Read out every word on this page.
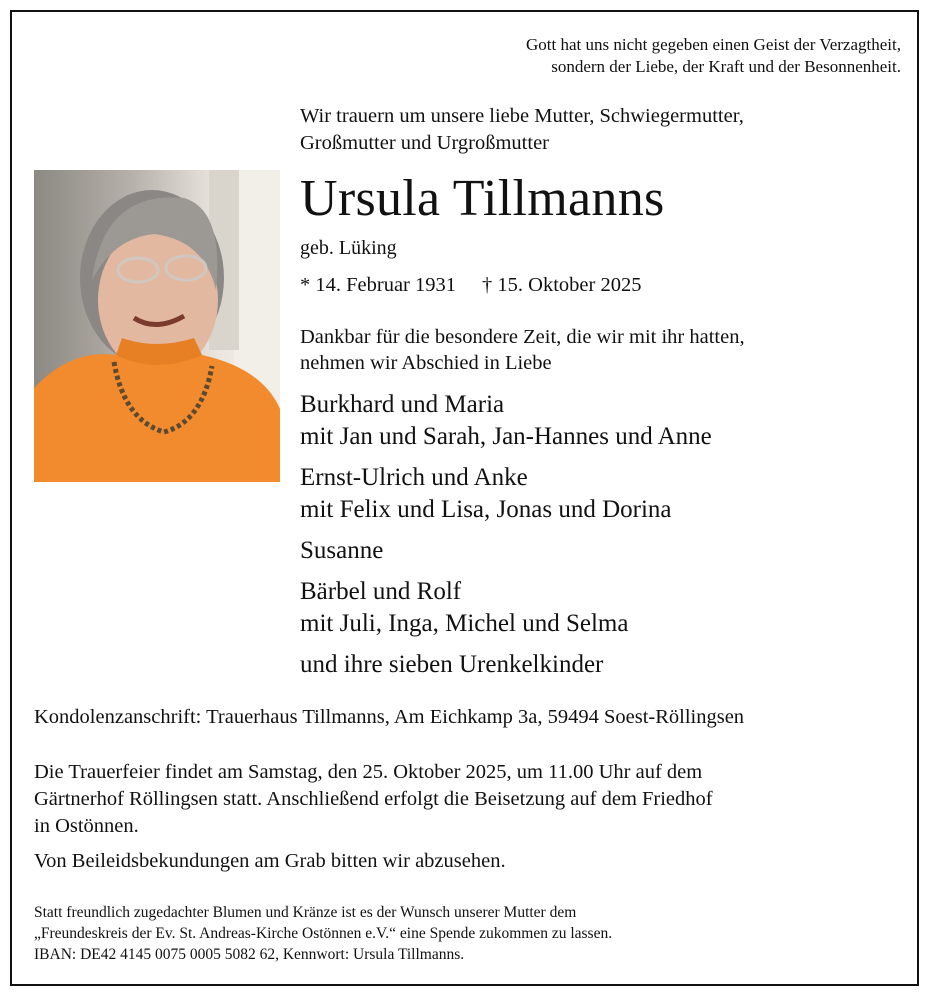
Gott hat uns nicht gegeben einen Geist der Verzagtheit,
sondern der Liebe, der Kraft und der Besonnenheit.
Wir trauern um unsere liebe Mutter, Schwiegermutter,
Großmutter und Urgroßmutter
Ursula Tillmanns
geb. Lüking
* 14. Februar 1931 † 15. Oktober 2025
Dankbar für die besondere Zeit, die wir mit ihr hatten,
nehmen wir Abschied in Liebe
Burkhard und Maria
mit Jan und Sarah, Jan-Hannes und Anne
Ernst-Ulrich und Anke
mit Felix und Lisa, Jonas und Dorina
Susanne
Bärbel und Rolf
mit Juli, Inga, Michel und Selma
und ihre sieben Urenkelkinder
Kondolenzanschrift: Trauerhaus Tillmanns, Am Eichkamp 3a, 59494 Soest-Röllingsen
Die Trauerfeier findet am Samstag, den 25. Oktober 2025, um 11.00 Uhr auf dem
Gärtnerhof Röllingsen statt. Anschließend erfolgt die Beisetzung auf dem Friedhof
in Ostönnen.
Von Beileidsbekundungen am Grab bitten wir abzusehen.
Statt freundlich zugedachter Blumen und Kränze ist es der Wunsch unserer Mutter dem
„Freundeskreis der Ev. St. Andreas-Kirche Ostönnen e.V.“ eine Spende zukommen zu lassen.
IBAN: DE42 4145 0075 0005 5082 62, Kennwort: Ursula Tillmanns.
